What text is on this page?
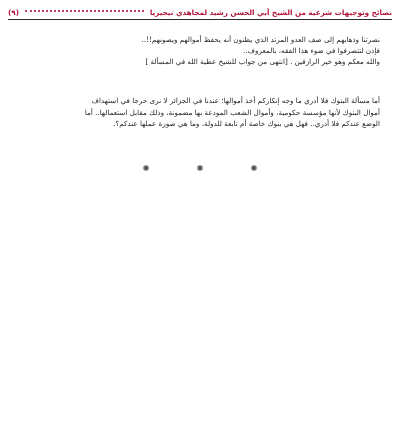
نصائح وتوجيهات شرعية من الشيخ أبي الحسن رشيد لمجاهدي نيجيريا
(٩)

نصرتنا وذهابهم إلى صف العدو المرتد الذي يظنون أنه يحفظ أموالهم ويصونهم!!..

فإذن لتتصرفوا في ضوء هذا الفقه، بالمعروف..

والله معكم وهو خير الرازقين . [انتهى من جواب للشيخ عطية الله في المسألة ]

أما مسألة البنوك فلا أدري ما وجه إنكاركم أخذ أموالها؛ عندنا في الجزائر لا نرى حرجا في استهداف

أموال البنوك لأنها مؤسسة حكومية، وأموال الشعب المودعة بها مضمونة، وذلك مقابل استعمالها.. أما

الوضع عندكم فلا أدري.. فهل هي بنوك خاصة أم تابعة للدولة، وما هي صورة عملها عندكم؟.
